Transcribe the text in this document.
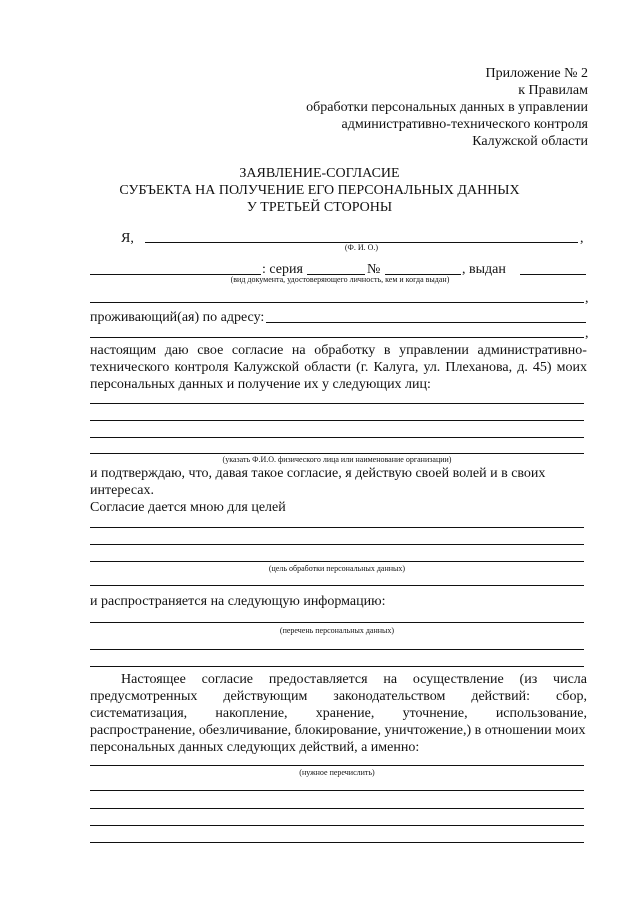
Приложение № 2
к Правилам
обработки персональных данных в управлении
административно-технического контроля
Калужской области
ЗАЯВЛЕНИЕ-СОГЛАСИЕ
СУБЪЕКТА НА ПОЛУЧЕНИЕ ЕГО ПЕРСОНАЛЬНЫХ ДАННЫХ
У ТРЕТЬЕЙ СТОРОНЫ
Я,	,
(Ф. И. О.)
: серия	№	, выдан
(вид документа, удостоверяющего личность, кем и когда выдан)
,
проживающий(ая) по адресу:
,
настоящим даю свое согласие на обработку в управлении административно-
технического контроля Калужской области (г. Калуга, ул. Плеханова, д. 45) моих
персональных данных и получение их у следующих лиц:
(указать Ф.И.О. физического лица или наименование организации)
и подтверждаю, что, давая такое согласие, я действую своей волей и в своих
интересах.
Согласие дается мною для целей
(цель обработки персональных данных)
и распространяется на следующую информацию:
(перечень персональных данных)
Настоящее согласие предоставляется на осуществление (из числа
предусмотренных действующим законодательством действий: сбор,
систематизация, накопление, хранение, уточнение, использование,
распространение, обезличивание, блокирование, уничтожение,) в отношении моих
персональных данных следующих действий, а именно:
(нужное перечислить)
